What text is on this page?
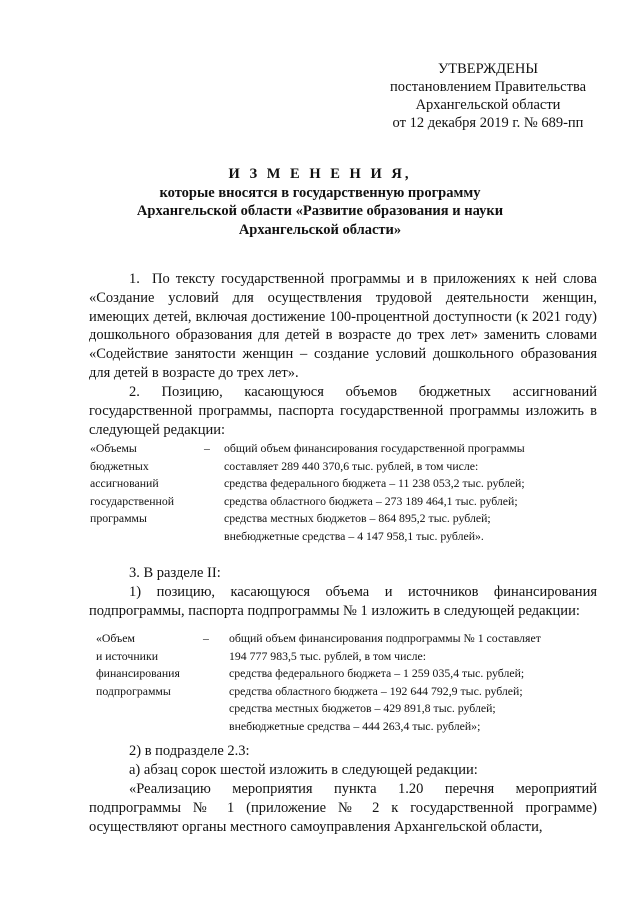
УТВЕРЖДЕНЫ
постановлением Правительства
Архангельской области
от 12 декабря 2019 г. № 689-пп
И З М Е Н Е Н И Я,
которые вносятся в государственную программу
Архангельской области «Развитие образования и науки
Архангельской области»
1. По тексту государственной программы и в приложениях к ней слова «Создание условий для осуществления трудовой деятельности женщин, имеющих детей, включая достижение 100-процентной доступности (к 2021 году) дошкольного образования для детей в возрасте до трех лет» заменить словами «Содействие занятости женщин – создание условий дошкольного образования для детей в возрасте до трех лет».
2. Позицию, касающуюся объемов бюджетных ассигнований государственной программы, паспорта государственной программы изложить в следующей редакции:
«Объемы
бюджетных
ассигнований
государственной
программы
–	общий объем финансирования государственной программы
составляет 289 440 370,6 тыс. рублей, в том числе:
средства федерального бюджета – 11 238 053,2 тыс. рублей;
средства областного бюджета – 273 189 464,1 тыс. рублей;
средства местных бюджетов – 864 895,2 тыс. рублей;
внебюджетные средства – 4 147 958,1 тыс. рублей».
3. В разделе II:
1) позицию, касающуюся объема и источников финансирования подпрограммы, паспорта подпрограммы № 1 изложить в следующей редакции:
«Объем
и источники
финансирования
подпрограммы
–	общий объем финансирования подпрограммы № 1 составляет
194 777 983,5 тыс. рублей, в том числе:
средства федерального бюджета – 1 259 035,4 тыс. рублей;
средства областного бюджета – 192 644 792,9 тыс. рублей;
средства местных бюджетов – 429 891,8 тыс. рублей;
внебюджетные средства – 444 263,4 тыс. рублей»;
2) в подразделе 2.3:
а) абзац сорок шестой изложить в следующей редакции:
«Реализацию мероприятия пункта 1.20 перечня мероприятий подпрограммы № 1 (приложение № 2 к государственной программе) осуществляют органы местного самоуправления Архангельской области,
